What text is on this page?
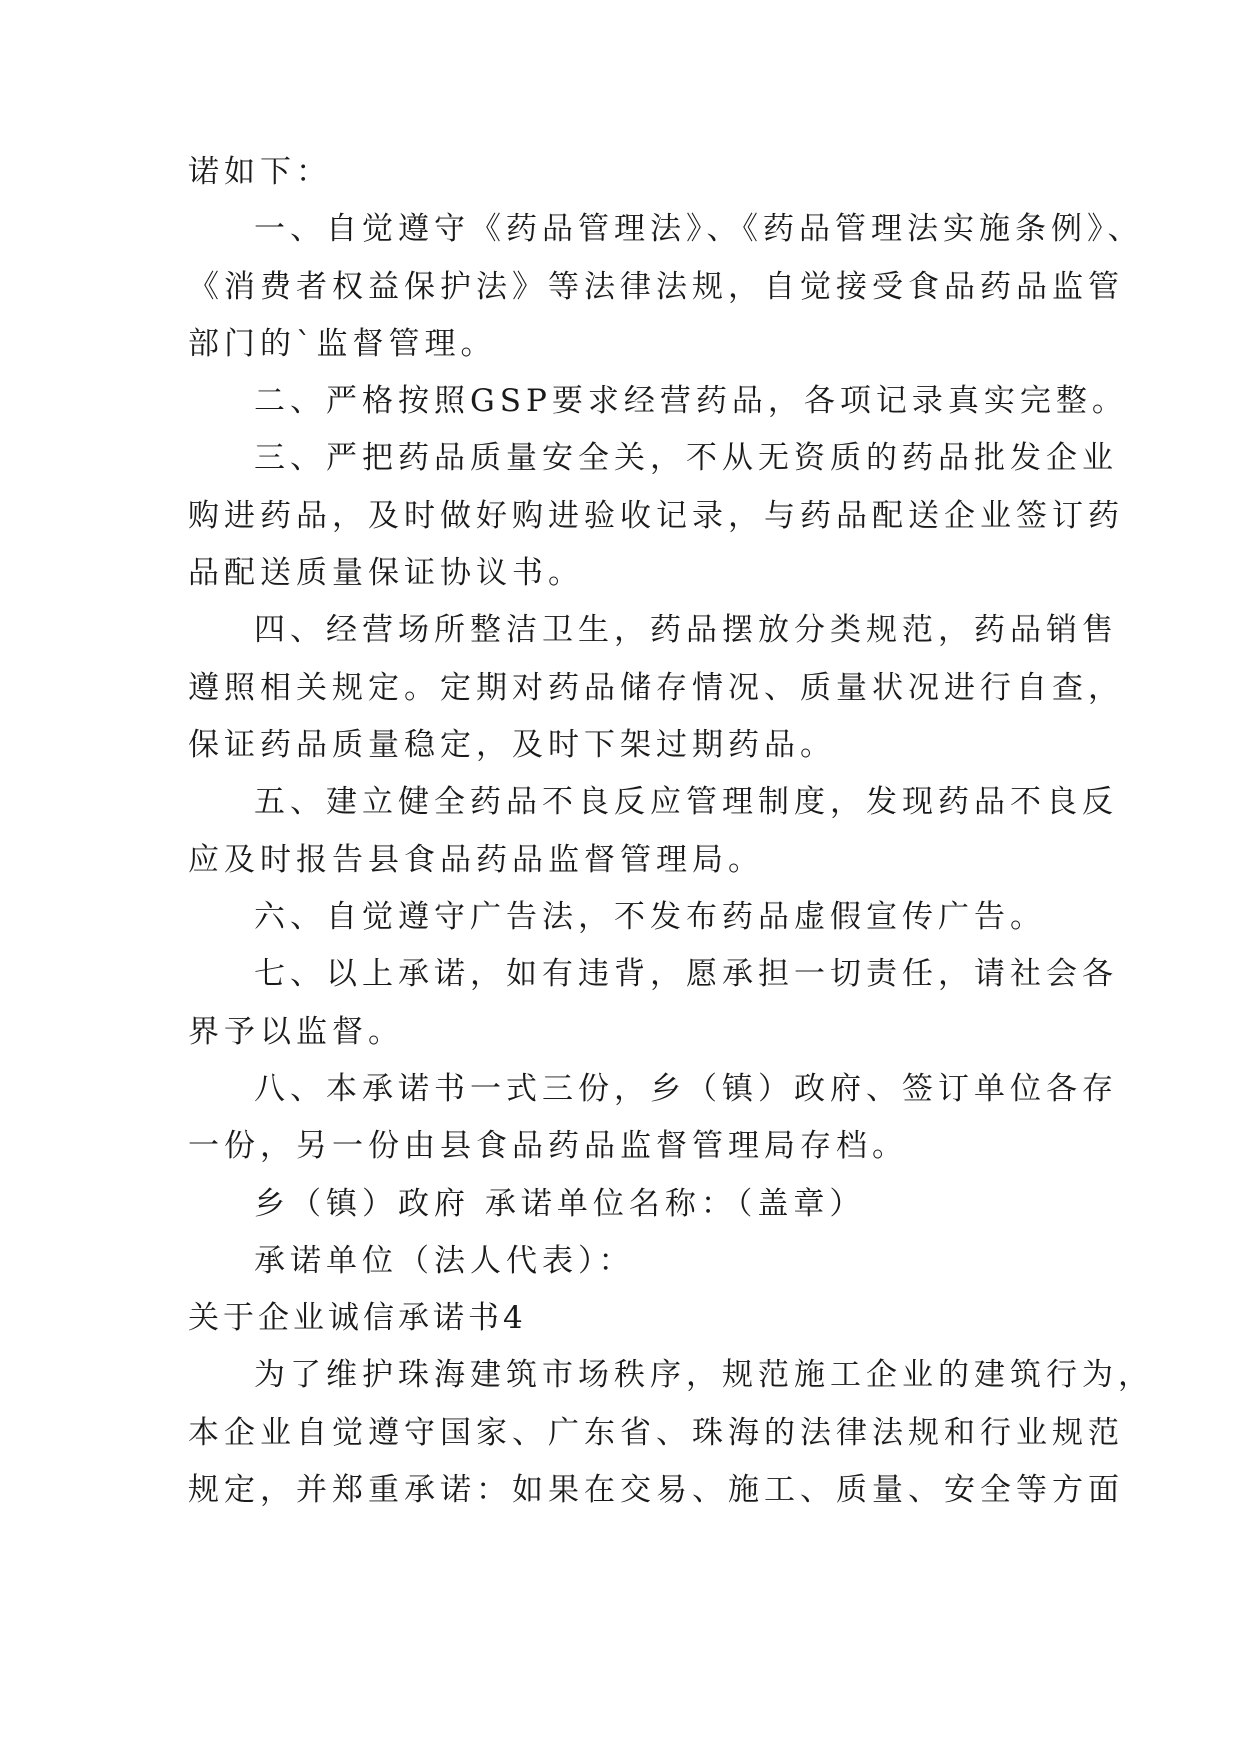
诺如下：
一、自觉遵守《药品管理法》、《药品管理法实施条例》、
《消费者权益保护法》等法律法规，自觉接受食品药品监管
部门的`监督管理。
二、严格按照GSP要求经营药品，各项记录真实完整。
三、严把药品质量安全关，不从无资质的药品批发企业
购进药品，及时做好购进验收记录，与药品配送企业签订药
品配送质量保证协议书。
四、经营场所整洁卫生，药品摆放分类规范，药品销售
遵照相关规定。定期对药品储存情况、质量状况进行自查，
保证药品质量稳定，及时下架过期药品。
五、建立健全药品不良反应管理制度，发现药品不良反
应及时报告县食品药品监督管理局。
六、自觉遵守广告法，不发布药品虚假宣传广告。
七、以上承诺，如有违背，愿承担一切责任，请社会各
界予以监督。
八、本承诺书一式三份，乡（镇）政府、签订单位各存
一份，另一份由县食品药品监督管理局存档。
乡（镇）政府 承诺单位名称：（盖章）
承诺单位（法人代表）：
关于企业诚信承诺书4
为了维护珠海建筑市场秩序，规范施工企业的建筑行为，
本企业自觉遵守国家、广东省、珠海的法律法规和行业规范
规定，并郑重承诺：如果在交易、施工、质量、安全等方面
